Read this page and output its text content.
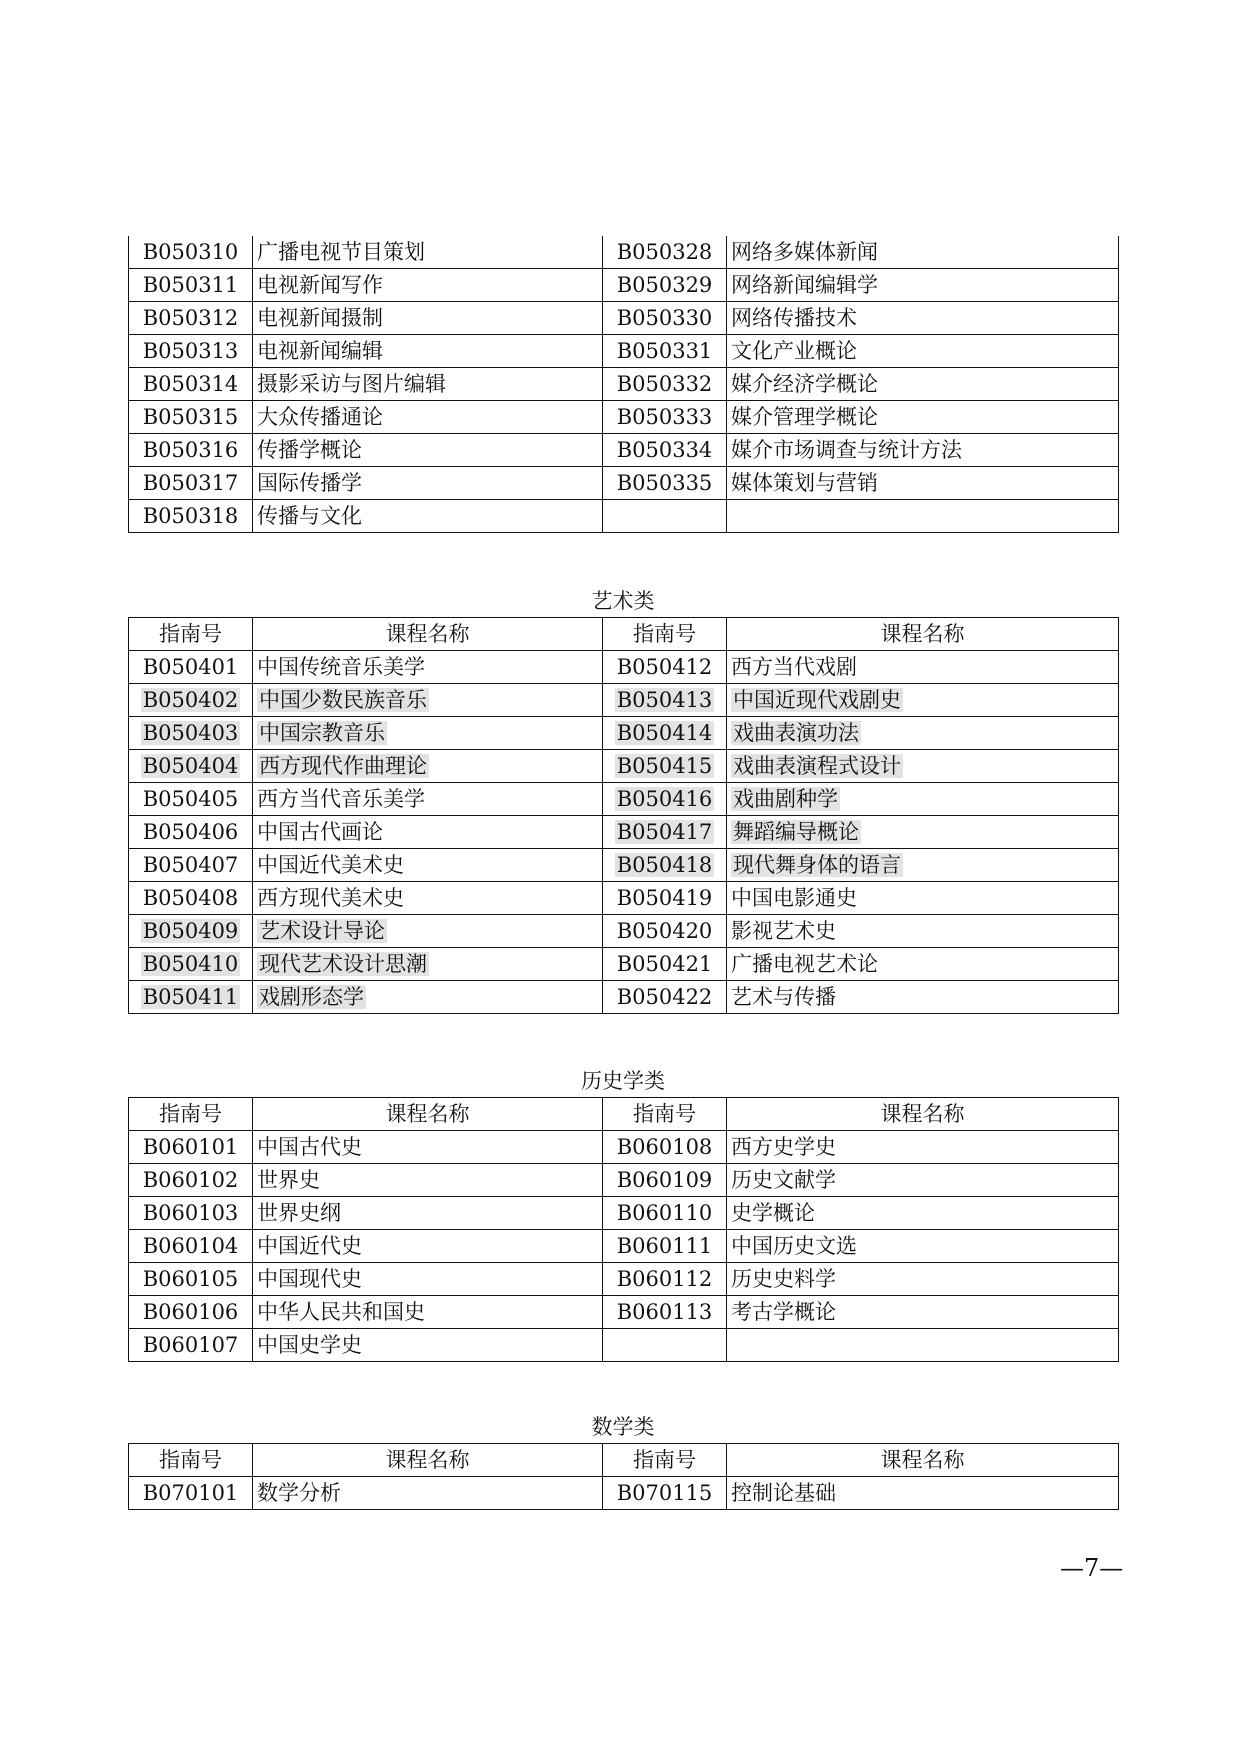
B050310	广播电视节目策划	B050328	网络多媒体新闻
B050311	电视新闻写作	B050329	网络新闻编辑学
B050312	电视新闻摄制	B050330	网络传播技术
B050313	电视新闻编辑	B050331	文化产业概论
B050314	摄影采访与图片编辑	B050332	媒介经济学概论
B050315	大众传播通论	B050333	媒介管理学概论
B050316	传播学概论	B050334	媒介市场调查与统计方法
B050317	国际传播学	B050335	媒体策划与营销
B050318	传播与文化		
艺术类
指南号	课程名称	指南号	课程名称
B050401	中国传统音乐美学	B050412	西方当代戏剧
B050402	中国少数民族音乐	B050413	中国近现代戏剧史
B050403	中国宗教音乐	B050414	戏曲表演功法
B050404	西方现代作曲理论	B050415	戏曲表演程式设计
B050405	西方当代音乐美学	B050416	戏曲剧种学
B050406	中国古代画论	B050417	舞蹈编导概论
B050407	中国近代美术史	B050418	现代舞身体的语言
B050408	西方现代美术史	B050419	中国电影通史
B050409	艺术设计导论	B050420	影视艺术史
B050410	现代艺术设计思潮	B050421	广播电视艺术论
B050411	戏剧形态学	B050422	艺术与传播
历史学类
指南号	课程名称	指南号	课程名称
B060101	中国古代史	B060108	西方史学史
B060102	世界史	B060109	历史文献学
B060103	世界史纲	B060110	史学概论
B060104	中国近代史	B060111	中国历史文选
B060105	中国现代史	B060112	历史史料学
B060106	中华人民共和国史	B060113	考古学概论
B060107	中国史学史		
数学类
指南号	课程名称	指南号	课程名称
B070101	数学分析	B070115	控制论基础
—7—
